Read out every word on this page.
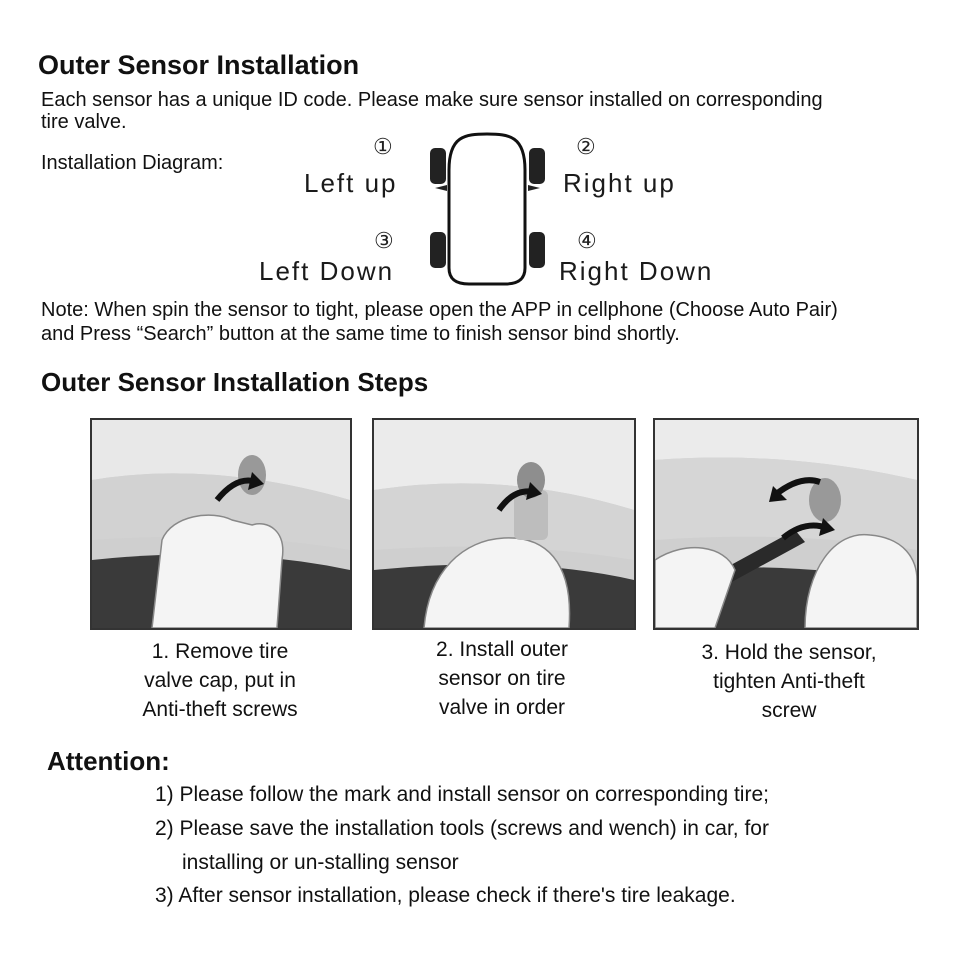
Outer Sensor Installation
Each sensor has a unique ID code. Please make sure sensor installed on corresponding
tire valve.
Installation Diagram:
①
Left up
②
Right up
③
Left Down
④
Right Down
Note: When spin the sensor to tight, please open the APP in cellphone (Choose Auto Pair)
and Press “Search” button at the same time to finish sensor bind shortly.
Outer Sensor Installation Steps
1. Remove tire
valve cap, put in
Anti-theft screws
2. Install outer
sensor on tire
valve in order
3. Hold the sensor,
tighten Anti-theft
screw
Attention:
1) Please follow the mark and install sensor on corresponding tire;
2) Please save the installation tools (screws and wench) in car, for
installing or un-stalling sensor
3) After sensor installation, please check if there's tire leakage.
